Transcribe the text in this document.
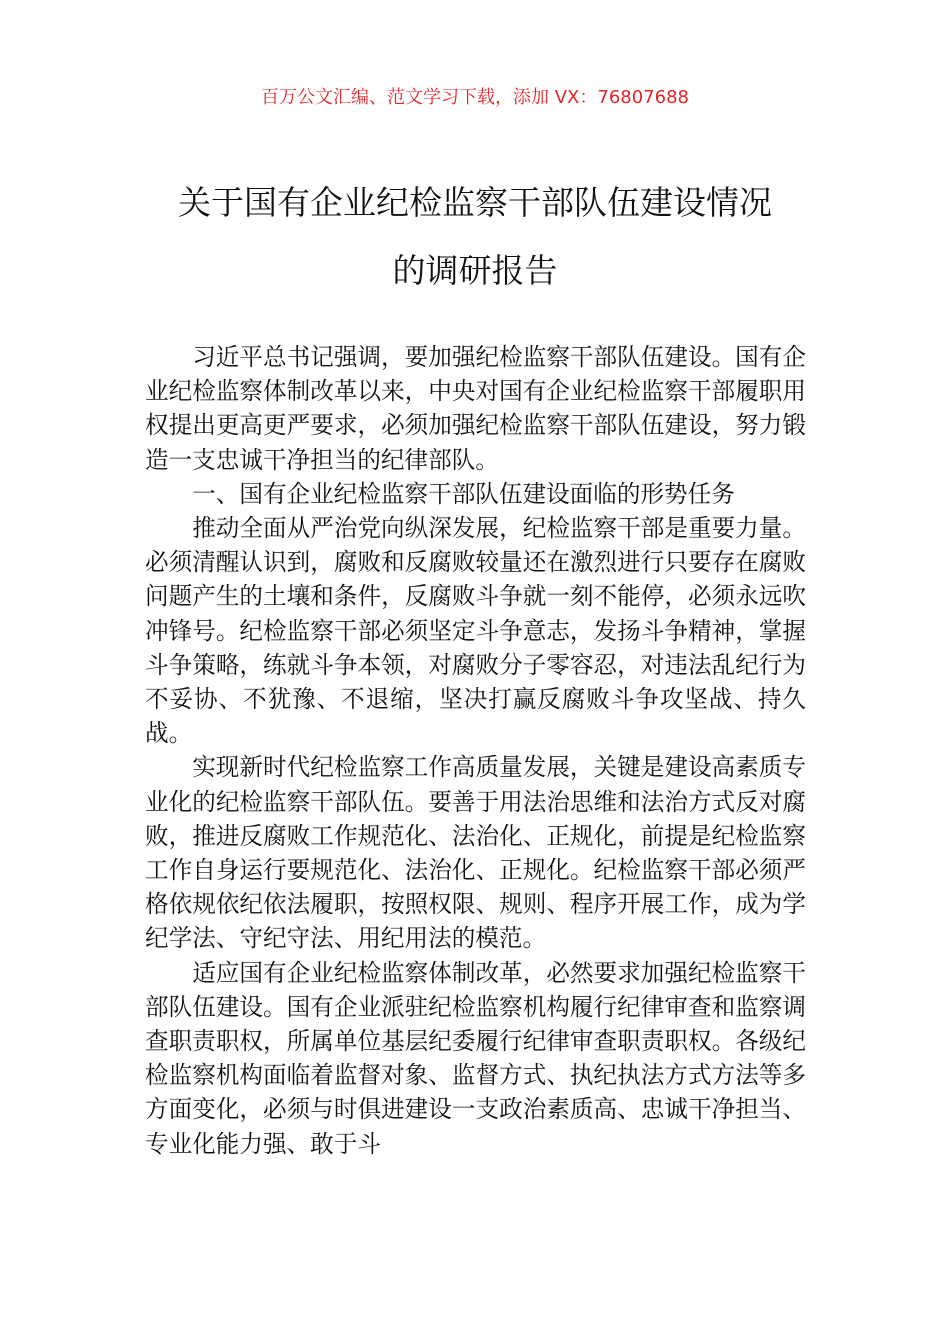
百万公文汇编、范文学习下载，添加 VX：76807688
关于国有企业纪检监察干部队伍建设情况
的调研报告

习近平总书记强调，要加强纪检监察干部队伍建设。国有企业纪检监察体制改革以来，中央对国有企业纪检监察干部履职用权提出更高更严要求，必须加强纪检监察干部队伍建设，努力锻造一支忠诚干净担当的纪律部队。

一、国有企业纪检监察干部队伍建设面临的形势任务

推动全面从严治党向纵深发展，纪检监察干部是重要力量。必须清醒认识到，腐败和反腐败较量还在激烈进行只要存在腐败问题产生的土壤和条件，反腐败斗争就一刻不能停，必须永远吹冲锋号。纪检监察干部必须坚定斗争意志，发扬斗争精神，掌握斗争策略，练就斗争本领，对腐败分子零容忍，对违法乱纪行为不妥协、不犹豫、不退缩，坚决打赢反腐败斗争攻坚战、持久战。

实现新时代纪检监察工作高质量发展，关键是建设高素质专业化的纪检监察干部队伍。要善于用法治思维和法治方式反对腐败，推进反腐败工作规范化、法治化、正规化，前提是纪检监察工作自身运行要规范化、法治化、正规化。纪检监察干部必须严格依规依纪依法履职，按照权限、规则、程序开展工作，成为学纪学法、守纪守法、用纪用法的模范。

适应国有企业纪检监察体制改革，必然要求加强纪检监察干部队伍建设。国有企业派驻纪检监察机构履行纪律审查和监察调查职责职权，所属单位基层纪委履行纪律审查职责职权。各级纪检监察机构面临着监督对象、监督方式、执纪执法方式方法等多方面变化，必须与时俱进建设一支政治素质高、忠诚干净担当、专业化能力强、敢于斗
